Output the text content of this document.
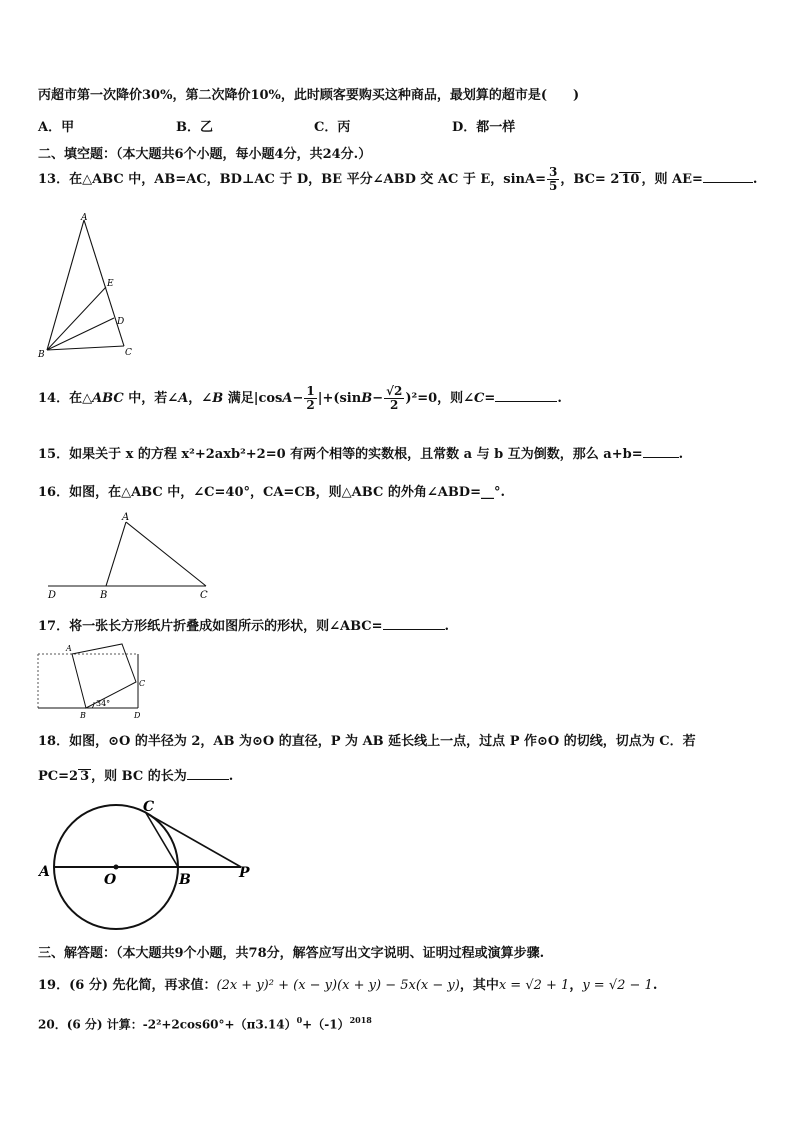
丙超市第一次降价30%，第二次降价10%，此时顾客要购买这种商品，最划算的超市是(　　)
A．甲	B．乙	C．丙	D．都一样
二、填空题：（本大题共6个小题，每小题4分，共24分.）
13．在△ABC 中，AB=AC，BD⊥AC 于 D，BE 平分∠ABD 交 AC 于 E，$\sin A= \frac{3}{5}$ ，BC= 2 10 ，则 AE=	.
A
E
D
B	C
14．在△ABC 中，若∠A，∠B 满足$|\cos A- \frac{1}{2} |+(\sin B- \frac{√2}{2} )^2=0$，则∠C=	.
15．如果关于 x 的方程 x²+2axb²+2=0 有两个相等的实数根，且常数 a 与 b 互为倒数，那么 a+b=	.
16．如图，在△ABC 中，∠C=40°，CA=CB，则△ABC 的外角∠ABD=__°.
A
D	B	C
17．将一张长方形纸片折叠成如图所示的形状，则∠ABC=	.
A
C
B	D
34°
18．如图，⊙O 的半径为 2，AB 为⊙O 的直径，P 为 AB 延长线上一点，过点 P 作⊙O 的切线，切点为 C．若
PC=2 3 ，则 BC 的长为	.
C
A	O	B	P
三、解答题：（本大题共9个小题，共78分，解答应写出文字说明、证明过程或演算步骤.
19．(6 分) 先化简，再求值：(2x + y)² + (x − y)(x + y) − 5x(x − y)，其中x = √2 + 1，y = √2 − 1.
20．(6 分) 计算：$-2^2+2\cos 60^\circ+(\pi 3.14)^0+(-1)^{2018}$
